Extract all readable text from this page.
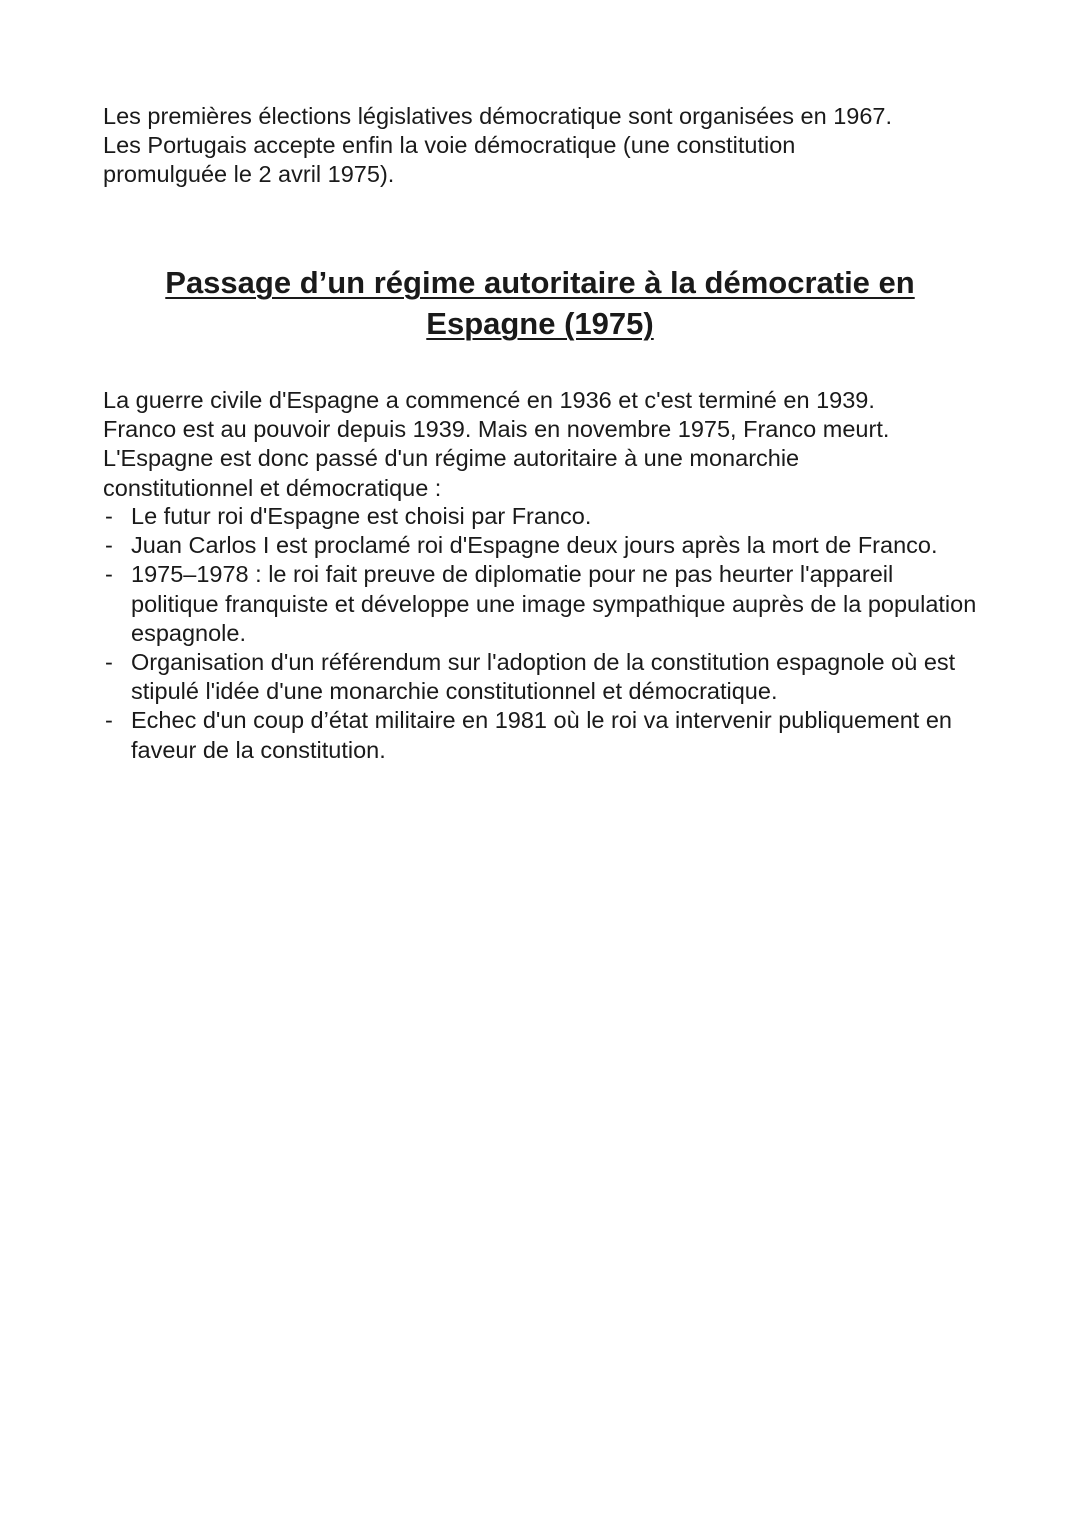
Les premières élections législatives démocratique sont organisées en 1967.
Les Portugais accepte enfin la voie démocratique (une constitution
promulguée le 2 avril 1975).

Passage d’un régime autoritaire à la démocratie en
Espagne (1975)

La guerre civile d'Espagne a commencé en 1936 et c'est terminé en 1939.
Franco est au pouvoir depuis 1939. Mais en novembre 1975, Franco meurt.
L'Espagne est donc passé d'un régime autoritaire à une monarchie
constitutionnel et démocratique :

- Le futur roi d'Espagne est choisi par Franco.
- Juan Carlos I est proclamé roi d'Espagne deux jours après la mort de Franco.
- 1975–1978 : le roi fait preuve de diplomatie pour ne pas heurter l'appareil politique franquiste et développe une image sympathique auprès de la population espagnole.
- Organisation d'un référendum sur l'adoption de la constitution espagnole où est stipulé l'idée d'une monarchie constitutionnel et démocratique.
- Echec d'un coup d’état militaire en 1981 où le roi va intervenir publiquement en faveur de la constitution.
